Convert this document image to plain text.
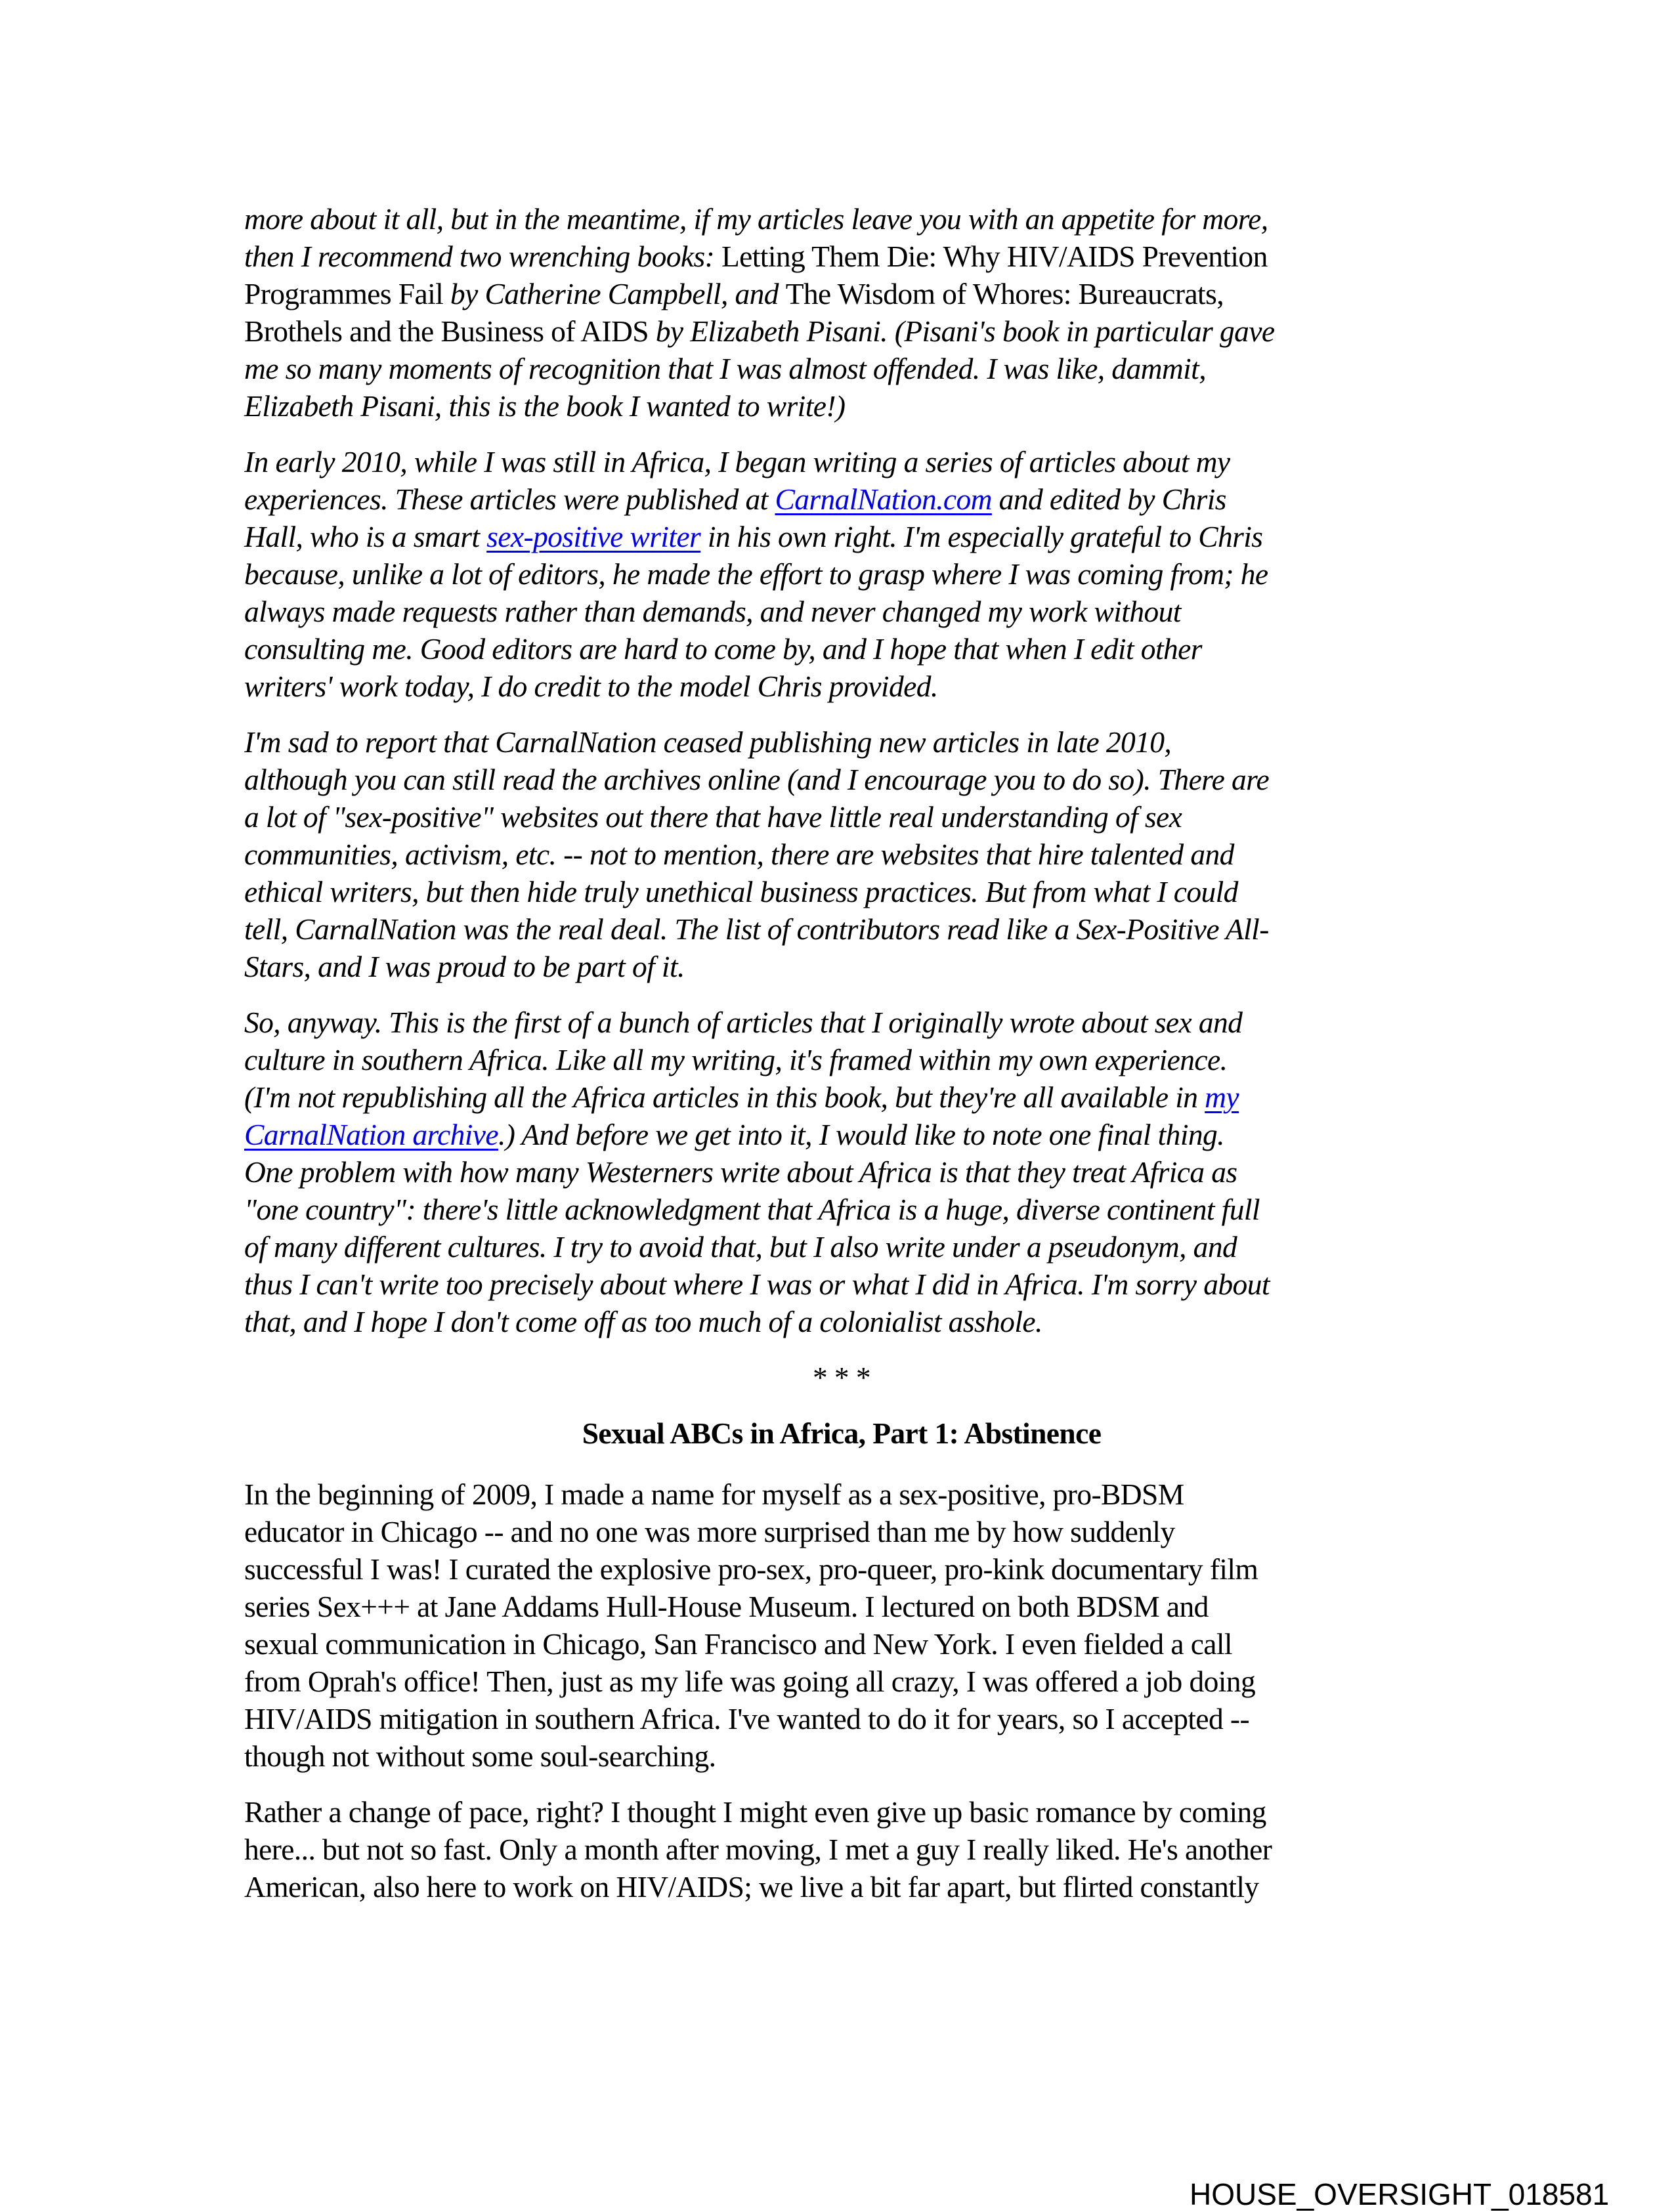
more about it all, but in the meantime, if my articles leave you with an appetite for more,
then I recommend two wrenching books: Letting Them Die: Why HIV/AIDS Prevention
Programmes Fail by Catherine Campbell, and The Wisdom of Whores: Bureaucrats,
Brothels and the Business of AIDS by Elizabeth Pisani. (Pisani's book in particular gave
me so many moments of recognition that I was almost offended. I was like, dammit,
Elizabeth Pisani, this is the book I wanted to write!)

In early 2010, while I was still in Africa, I began writing a series of articles about my
experiences. These articles were published at CarnalNation.com and edited by Chris
Hall, who is a smart sex-positive writer in his own right. I'm especially grateful to Chris
because, unlike a lot of editors, he made the effort to grasp where I was coming from; he
always made requests rather than demands, and never changed my work without
consulting me. Good editors are hard to come by, and I hope that when I edit other
writers' work today, I do credit to the model Chris provided.

I'm sad to report that CarnalNation ceased publishing new articles in late 2010,
although you can still read the archives online (and I encourage you to do so). There are
a lot of "sex-positive" websites out there that have little real understanding of sex
communities, activism, etc. -- not to mention, there are websites that hire talented and
ethical writers, but then hide truly unethical business practices. But from what I could
tell, CarnalNation was the real deal. The list of contributors read like a Sex-Positive All-
Stars, and I was proud to be part of it.

So, anyway. This is the first of a bunch of articles that I originally wrote about sex and
culture in southern Africa. Like all my writing, it's framed within my own experience.
(I'm not republishing all the Africa articles in this book, but they're all available in my
CarnalNation archive.) And before we get into it, I would like to note one final thing.
One problem with how many Westerners write about Africa is that they treat Africa as
"one country": there's little acknowledgment that Africa is a huge, diverse continent full
of many different cultures. I try to avoid that, but I also write under a pseudonym, and
thus I can't write too precisely about where I was or what I did in Africa. I'm sorry about
that, and I hope I don't come off as too much of a colonialist asshole.

* * *
Sexual ABCs in Africa, Part 1: Abstinence

In the beginning of 2009, I made a name for myself as a sex-positive, pro-BDSM
educator in Chicago -- and no one was more surprised than me by how suddenly
successful I was! I curated the explosive pro-sex, pro-queer, pro-kink documentary film
series Sex+++ at Jane Addams Hull-House Museum. I lectured on both BDSM and
sexual communication in Chicago, San Francisco and New York. I even fielded a call
from Oprah's office! Then, just as my life was going all crazy, I was offered a job doing
HIV/AIDS mitigation in southern Africa. I've wanted to do it for years, so I accepted --
though not without some soul-searching.

Rather a change of pace, right? I thought I might even give up basic romance by coming
here... but not so fast. Only a month after moving, I met a guy I really liked. He's another
American, also here to work on HIV/AIDS; we live a bit far apart, but flirted constantly

HOUSE_OVERSIGHT_018581
